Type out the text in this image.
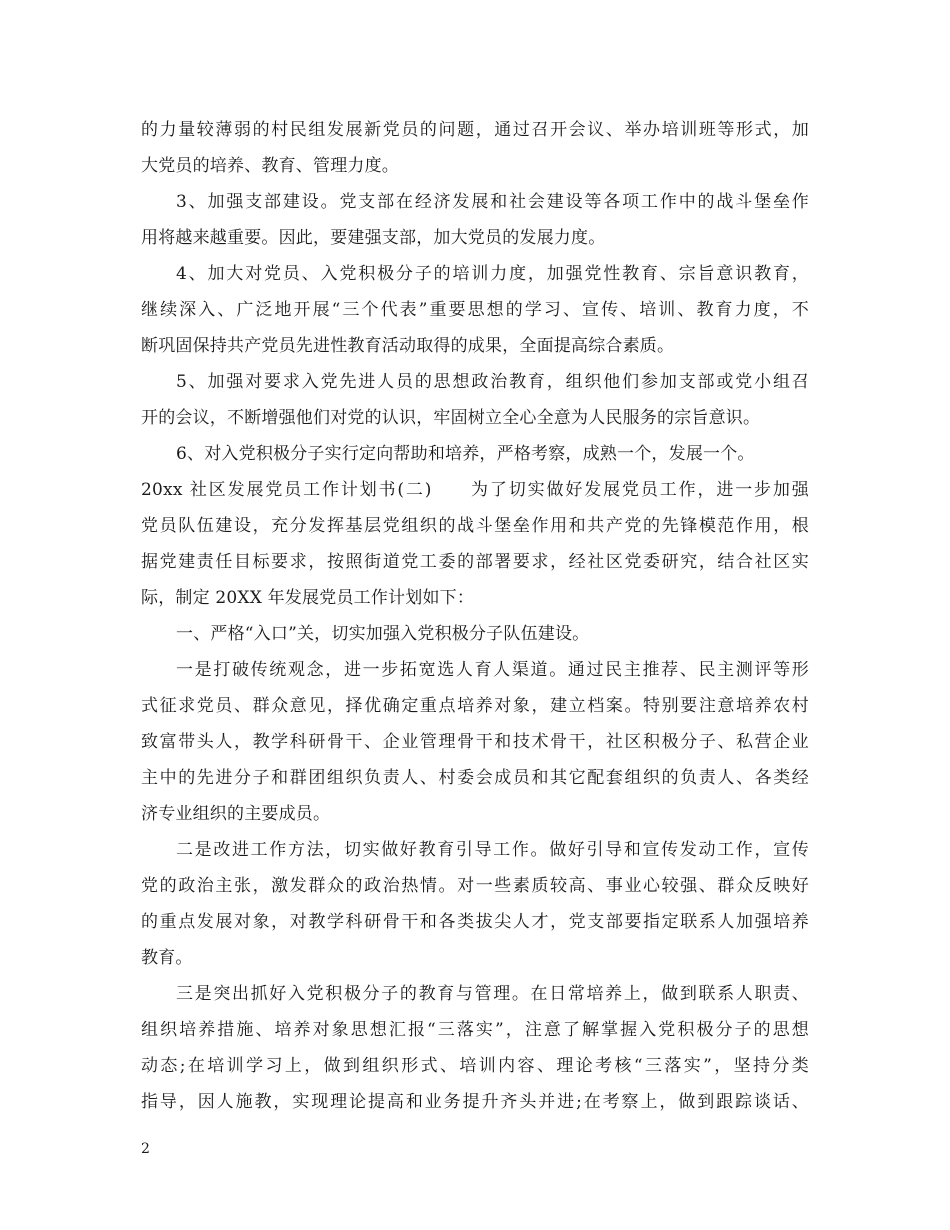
的力量较薄弱的村民组发展新党员的问题，通过召开会议、举办培训班等形式，加
大党员的培养、教育、管理力度。
3、加强支部建设。党支部在经济发展和社会建设等各项工作中的战斗堡垒作
用将越来越重要。因此，要建强支部，加大党员的发展力度。
4、加大对党员、入党积极分子的培训力度，加强党性教育、宗旨意识教育，
继续深入、广泛地开展“三个代表”重要思想的学习、宣传、培训、教育力度，不
断巩固保持共产党员先进性教育活动取得的成果，全面提高综合素质。
5、加强对要求入党先进人员的思想政治教育，组织他们参加支部或党小组召
开的会议，不断增强他们对党的认识，牢固树立全心全意为人民服务的宗旨意识。
6、对入党积极分子实行定向帮助和培养，严格考察，成熟一个，发展一个。
20xx 社区发展党员工作计划书(二)　　为了切实做好发展党员工作，进一步加强
党员队伍建设，充分发挥基层党组织的战斗堡垒作用和共产党的先锋模范作用，根
据党建责任目标要求，按照街道党工委的部署要求，经社区党委研究，结合社区实
际，制定 20XX 年发展党员工作计划如下：
一、严格“入口”关，切实加强入党积极分子队伍建设。
一是打破传统观念，进一步拓宽选人育人渠道。通过民主推荐、民主测评等形
式征求党员、群众意见，择优确定重点培养对象，建立档案。特别要注意培养农村
致富带头人，教学科研骨干、企业管理骨干和技术骨干，社区积极分子、私营企业
主中的先进分子和群团组织负责人、村委会成员和其它配套组织的负责人、各类经
济专业组织的主要成员。
二是改进工作方法，切实做好教育引导工作。做好引导和宣传发动工作，宣传
党的政治主张，激发群众的政治热情。对一些素质较高、事业心较强、群众反映好
的重点发展对象，对教学科研骨干和各类拔尖人才，党支部要指定联系人加强培养
教育。
三是突出抓好入党积极分子的教育与管理。在日常培养上，做到联系人职责、
组织培养措施、培养对象思想汇报“三落实”，注意了解掌握入党积极分子的思想
动态;在培训学习上，做到组织形式、培训内容、理论考核“三落实”，坚持分类
指导，因人施教，实现理论提高和业务提升齐头并进;在考察上，做到跟踪谈话、
2
